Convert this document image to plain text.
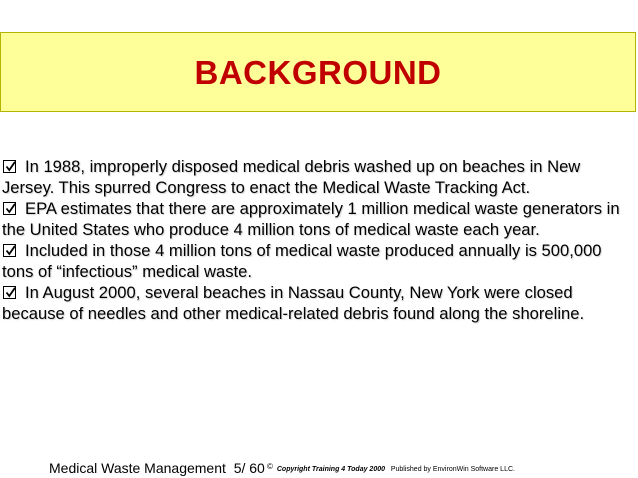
BACKGROUND
In 1988, improperly disposed medical debris washed up on beaches in New Jersey. This spurred Congress to enact the Medical Waste Tracking Act.
EPA estimates that there are approximately 1 million medical waste generators in the United States who produce 4 million tons of medical waste each year.
Included in those 4 million tons of medical waste produced annually is 500,000 tons of “infectious” medical waste.
In August 2000, several beaches in Nassau County, New York were closed because of needles and other medical-related debris found along the shoreline.
Medical Waste Management 5/ 60 © Copyright Training 4 Today 2000 Published by EnvironWin Software LLC.
